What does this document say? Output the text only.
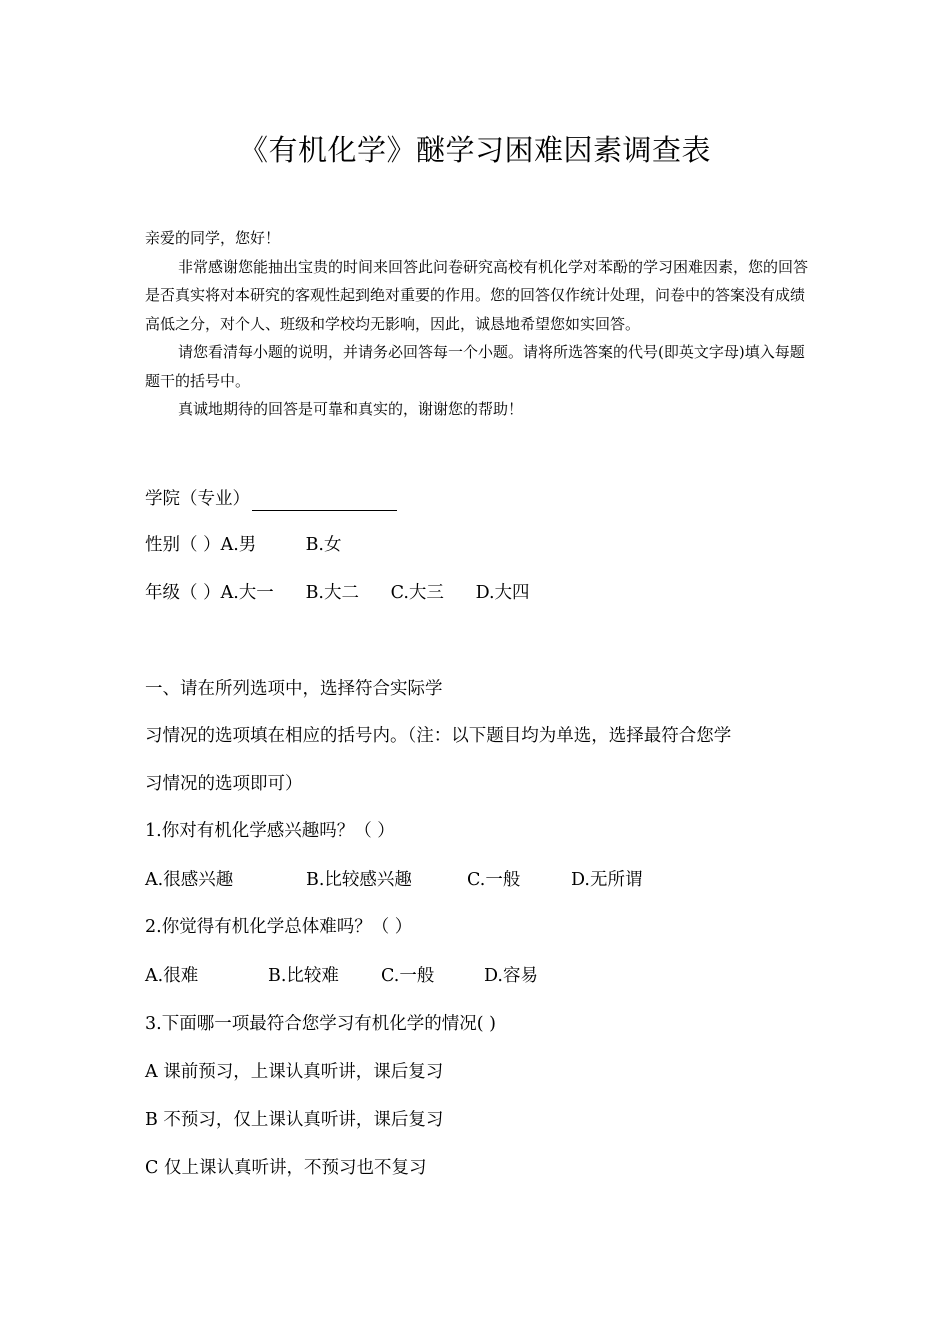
《有机化学》醚学习困难因素调查表

亲爱的同学，您好！

非常感谢您能抽出宝贵的时间来回答此问卷研究高校有机化学对苯酚的学习困难因素，您的回答是否真实将对本研究的客观性起到绝对重要的作用。您的回答仅作统计处理，问卷中的答案没有成绩高低之分，对个人、班级和学校均无影响，因此，诚恳地希望您如实回答。

请您看清每小题的说明，并请务必回答每一个小题。请将所选答案的代号(即英文字母)填入每题题干的括号中。

真诚地期待的回答是可靠和真实的，谢谢您的帮助！

学院（专业）
性别（ ）A.男	B.女
年级（ ）A.大一 B.大二 C.大三 D.大四
一、请在所列选项中，选择符合实际学
习情况的选项填在相应的括号内。（注：以下题目均为单选，选择最符合您学
习情况的选项即可）
1.你对有机化学感兴趣吗？（ ）
A.很感兴趣	B.比较感兴趣	C.一般	D.无所谓
2.你觉得有机化学总体难吗？（ ）
A.很难	B.比较难 C.一般	D.容易
3.下面哪一项最符合您学习有机化学的情况( )
A 课前预习，上课认真听讲，课后复习
B 不预习，仅上课认真听讲，课后复习
C 仅上课认真听讲，不预习也不复习
